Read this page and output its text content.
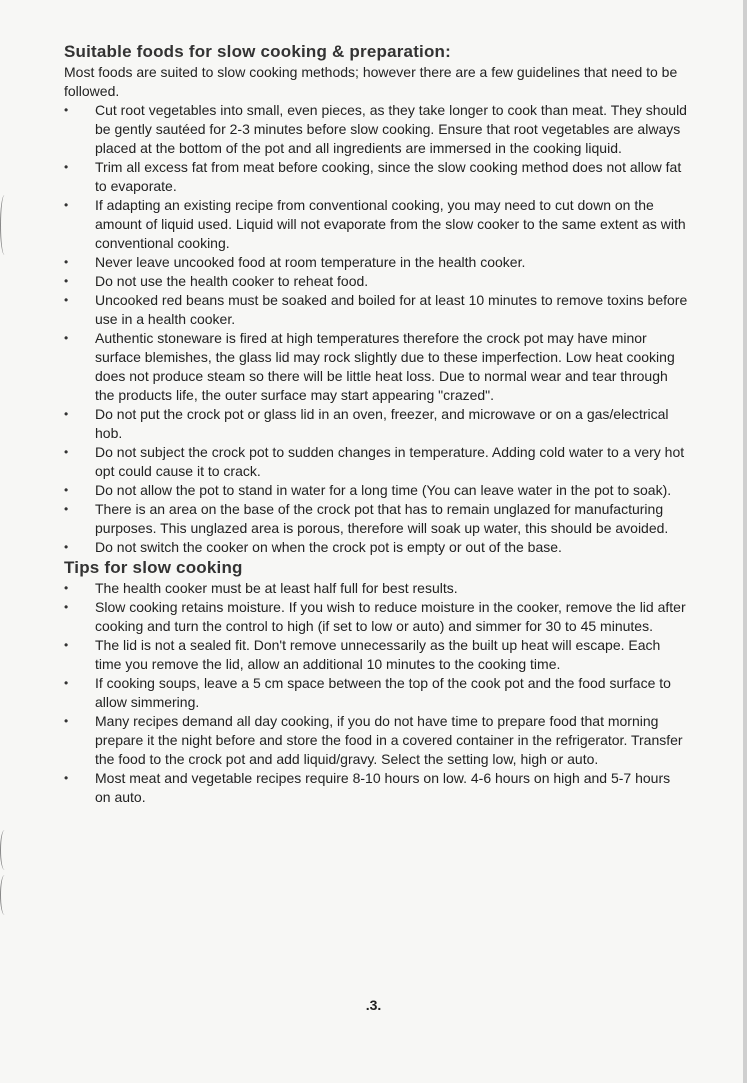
Suitable foods for slow cooking & preparation:

Most foods are suited to slow cooking methods; however there are a few guidelines that need to be followed.

• Cut root vegetables into small, even pieces, as they take longer to cook than meat. They should be gently sautéed for 2-3 minutes before slow cooking. Ensure that root vegetables are always placed at the bottom of the pot and all ingredients are immersed in the cooking liquid.
• Trim all excess fat from meat before cooking, since the slow cooking method does not allow fat to evaporate.
• If adapting an existing recipe from conventional cooking, you may need to cut down on the amount of liquid used. Liquid will not evaporate from the slow cooker to the same extent as with conventional cooking.
• Never leave uncooked food at room temperature in the health cooker.
• Do not use the health cooker to reheat food.
• Uncooked red beans must be soaked and boiled for at least 10 minutes to remove toxins before use in a health cooker.
• Authentic stoneware is fired at high temperatures therefore the crock pot may have minor surface blemishes, the glass lid may rock slightly due to these imperfection. Low heat cooking does not produce steam so there will be little heat loss. Due to normal wear and tear through the products life, the outer surface may start appearing "crazed".
• Do not put the crock pot or glass lid in an oven, freezer, and microwave or on a gas/electrical hob.
• Do not subject the crock pot to sudden changes in temperature. Adding cold water to a very hot opt could cause it to crack.
• Do not allow the pot to stand in water for a long time (You can leave water in the pot to soak).
• There is an area on the base of the crock pot that has to remain unglazed for manufacturing purposes. This unglazed area is porous, therefore will soak up water, this should be avoided.
• Do not switch the cooker on when the crock pot is empty or out of the base.
Tips for slow cooking
• The health cooker must be at least half full for best results.
• Slow cooking retains moisture. If you wish to reduce moisture in the cooker, remove the lid after cooking and turn the control to high (if set to low or auto) and simmer for 30 to 45 minutes.
• The lid is not a sealed fit. Don't remove unnecessarily as the built up heat will escape. Each time you remove the lid, allow an additional 10 minutes to the cooking time.
• If cooking soups, leave a 5 cm space between the top of the cook pot and the food surface to allow simmering.
• Many recipes demand all day cooking, if you do not have time to prepare food that morning prepare it the night before and store the food in a covered container in the refrigerator. Transfer the food to the crock pot and add liquid/gravy. Select the setting low, high or auto.
• Most meat and vegetable recipes require 8-10 hours on low. 4-6 hours on high and 5-7 hours on auto.
.3.
